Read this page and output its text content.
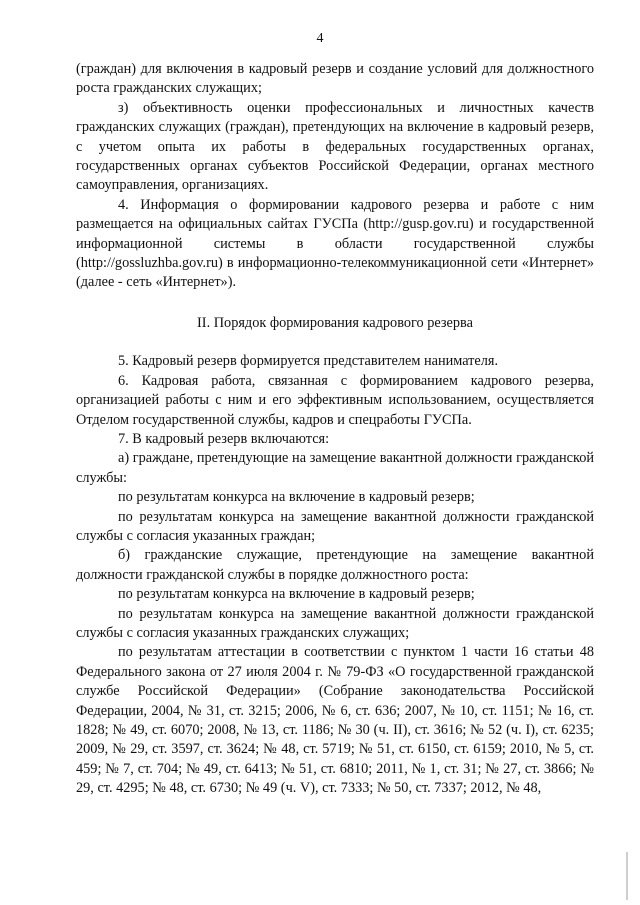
4

(граждан) для включения в кадровый резерв и создание условий для должностного роста гражданских служащих;

з) объективность оценки профессиональных и личностных качеств гражданских служащих (граждан), претендующих на включение в кадровый резерв, с учетом опыта их работы в федеральных государственных органах, государственных органах субъектов Российской Федерации, органах местного самоуправления, организациях.

4. Информация о формировании кадрового резерва и работе с ним размещается на официальных сайтах ГУСПа (http://gusp.gov.ru) и государственной информационной системы в области государственной службы (http://gossluzhba.gov.ru) в информационно-телекоммуникационной сети «Интернет» (далее - сеть «Интернет»).

II. Порядок формирования кадрового резерва

5. Кадровый резерв формируется представителем нанимателя.

6. Кадровая работа, связанная с формированием кадрового резерва, организацией работы с ним и его эффективным использованием, осуществляется Отделом государственной службы, кадров и спецработы ГУСПа.

7. В кадровый резерв включаются:

а) граждане, претендующие на замещение вакантной должности гражданской службы:

по результатам конкурса на включение в кадровый резерв;

по результатам конкурса на замещение вакантной должности гражданской службы с согласия указанных граждан;

б) гражданские служащие, претендующие на замещение вакантной должности гражданской службы в порядке должностного роста:

по результатам конкурса на включение в кадровый резерв;

по результатам конкурса на замещение вакантной должности гражданской службы с согласия указанных гражданских служащих;

по результатам аттестации в соответствии с пунктом 1 части 16 статьи 48 Федерального закона от 27 июля 2004 г. № 79-ФЗ «О государственной гражданской службе Российской Федерации» (Собрание законодательства Российской Федерации, 2004, № 31, ст. 3215; 2006, № 6, ст. 636; 2007, № 10, ст. 1151; № 16, ст. 1828; № 49, ст. 6070; 2008, № 13, ст. 1186; № 30 (ч. II), ст. 3616; № 52 (ч. I), ст. 6235; 2009, № 29, ст. 3597, ст. 3624; № 48, ст. 5719; № 51, ст. 6150, ст. 6159; 2010, № 5, ст. 459; № 7, ст. 704; № 49, ст. 6413; № 51, ст. 6810; 2011, № 1, ст. 31; № 27, ст. 3866; № 29, ст. 4295; № 48, ст. 6730; № 49 (ч. V), ст. 7333; № 50, ст. 7337; 2012, № 48,
